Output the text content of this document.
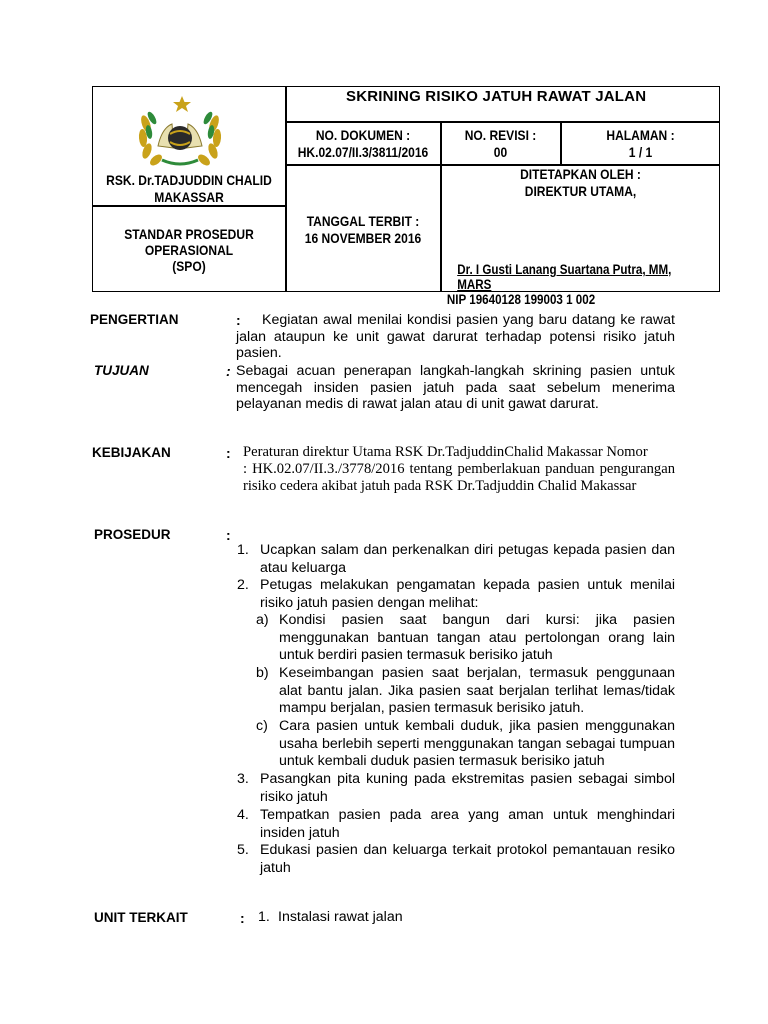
RSK. Dr.TADJUDDIN CHALID
MAKASSAR
STANDAR PROSEDUR
OPERASIONAL
(SPO)
SKRINING RISIKO JATUH RAWAT JALAN
NO. DOKUMEN :
HK.02.07/II.3/3811/2016
NO. REVISI :
00
HALAMAN :
1 / 1
TANGGAL TERBIT :
16 NOVEMBER 2016
DITETAPKAN OLEH :
DIREKTUR UTAMA,
Dr. I Gusti Lanang Suartana Putra, MM, MARS
NIP 19640128 199003 1 002
PENGERTIAN	:	Kegiatan awal menilai kondisi pasien yang baru datang ke rawat jalan ataupun ke unit gawat darurat terhadap potensi risiko jatuh pasien.
TUJUAN	: Sebagai acuan penerapan langkah-langkah skrining pasien untuk mencegah insiden pasien jatuh pada saat sebelum menerima pelayanan medis di rawat jalan atau di unit gawat darurat.
KEBIJAKAN	: Peraturan direktur Utama RSK Dr.TadjuddinChalid Makassar Nomor
: HK.02.07/II.3./3778/2016 tentang pemberlakuan panduan pengurangan risiko cedera akibat jatuh pada RSK Dr.Tadjuddin Chalid Makassar
PROSEDUR	:
1. Ucapkan salam dan perkenalkan diri petugas kepada pasien dan atau keluarga
2. Petugas melakukan pengamatan kepada pasien untuk menilai risiko jatuh pasien dengan melihat:
a) Kondisi pasien saat bangun dari kursi: jika pasien menggunakan bantuan tangan atau pertolongan orang lain untuk berdiri pasien termasuk berisiko jatuh
b) Keseimbangan pasien saat berjalan, termasuk penggunaan alat bantu jalan. Jika pasien saat berjalan terlihat lemas/tidak mampu berjalan, pasien termasuk berisiko jatuh.
c) Cara pasien untuk kembali duduk, jika pasien menggunakan usaha berlebih seperti menggunakan tangan sebagai tumpuan untuk kembali duduk pasien termasuk berisiko jatuh
3. Pasangkan pita kuning pada ekstremitas pasien sebagai simbol risiko jatuh
4. Tempatkan pasien pada area yang aman untuk menghindari insiden jatuh
5. Edukasi pasien dan keluarga terkait protokol pemantauan resiko jatuh
UNIT TERKAIT	: 1. Instalasi rawat jalan
